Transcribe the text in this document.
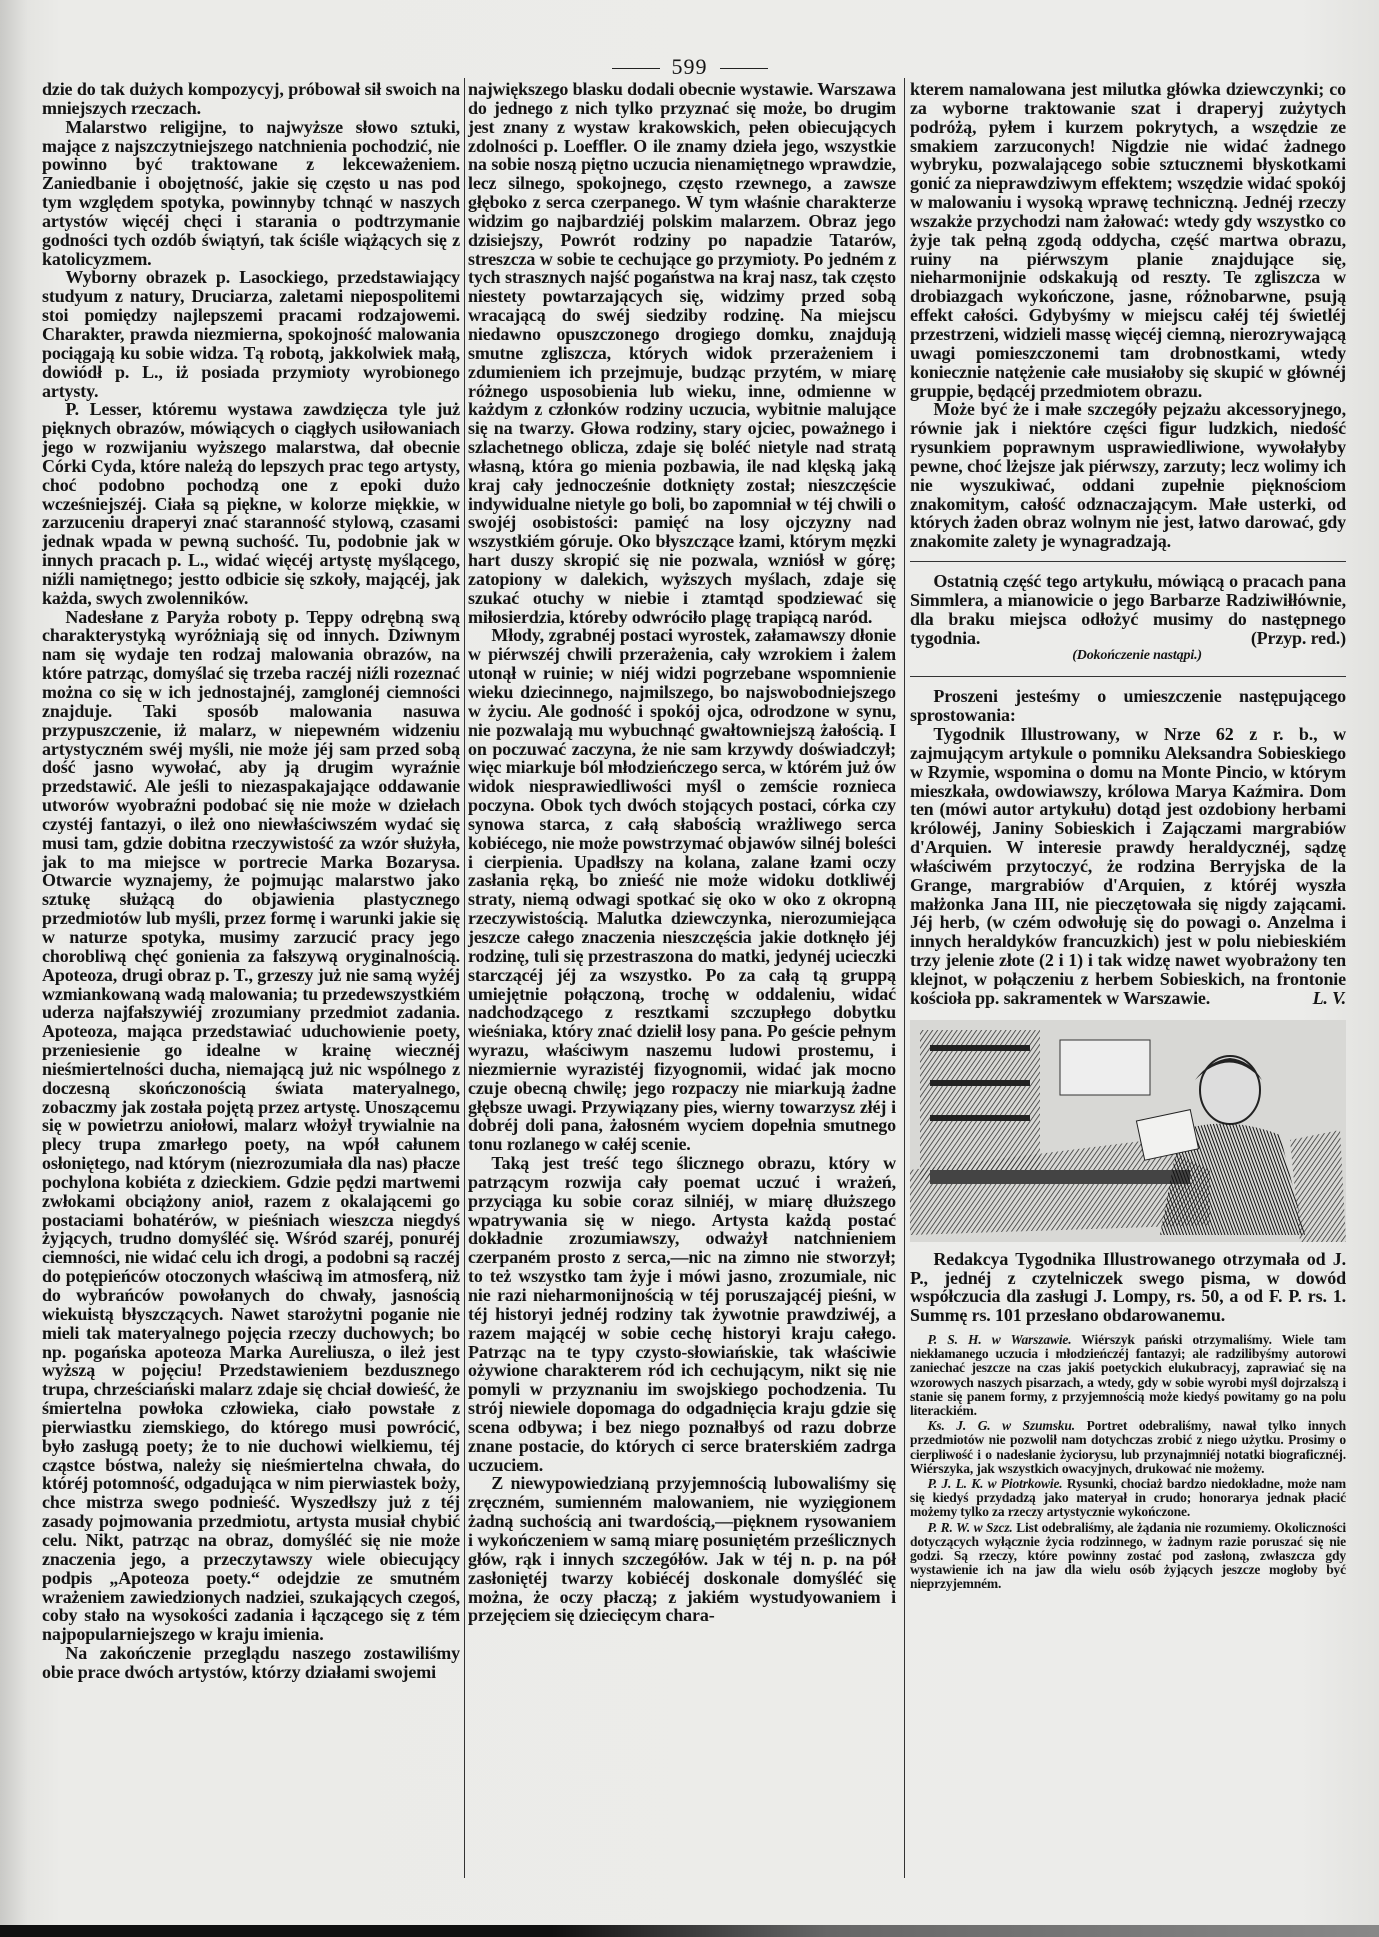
599

dzie do tak dużych kompozycyj, próbował sił swoich na mniejszych rzeczach.

Malarstwo religijne, to najwyższe słowo sztuki, mające z najszczytniejszego natchnienia pochodzić, nie powinno być traktowane z lekceważeniem. Zaniedbanie i obojętność, jakie się często u nas pod tym względem spotyka, powinnyby tchnąć w naszych artystów więcéj chęci i starania o podtrzymanie godności tych ozdób świątyń, tak ściśle wiążących się z katolicyzmem.

Wyborny obrazek p. Lasockiego, przedstawiający studyum z natury, Druciarza, zaletami niepospolitemi stoi pomiędzy najlepszemi pracami rodzajowemi. Charakter, prawda niezmierna, spokojność malowania pociągają ku sobie widza. Tą robotą, jakkolwiek małą, dowiódł p. L., iż posiada przymioty wyrobionego artysty.

P. Lesser, któremu wystawa zawdzięcza tyle już pięknych obrazów, mówiących o ciągłych usiłowaniach jego w rozwijaniu wyższego malarstwa, dał obecnie Córki Cyda, które należą do lepszych prac tego artysty, choć podobno pochodzą one z epoki dużo wcześniejszéj. Ciała są piękne, w kolorze miękkie, w zarzuceniu draperyi znać staranność stylową, czasami jednak wpada w pewną suchość. Tu, podobnie jak w innych pracach p. L., widać więcéj artystę myślącego, niźli namiętnego; jestto odbicie się szkoły, mającéj, jak każda, swych zwolenników.

Nadesłane z Paryża roboty p. Teppy odrębną swą charakterystyką wyróżniają się od innych. Dziwnym nam się wydaje ten rodzaj malowania obrazów, na które patrząc, domyślać się trzeba raczéj niźli rozeznać można co się w ich jednostajnéj, zamglonéj ciemności znajduje. Taki sposób malowania nasuwa przypuszczenie, iż malarz, w niepewném widzeniu artystyczném swéj myśli, nie może jéj sam przed sobą dość jasno wywołać, aby ją drugim wyraźnie przedstawić. Ale jeśli to niezaspakajające oddawanie utworów wyobraźni podobać się nie może w dziełach czystéj fantazyi, o ileż ono niewłaściwszém wydać się musi tam, gdzie dobitna rzeczywistość za wzór służyła, jak to ma miejsce w portrecie Marka Bozarysa. Otwarcie wyznajemy, że pojmując malarstwo jako sztukę służącą do objawienia plastycznego przedmiotów lub myśli, przez formę i warunki jakie się w naturze spotyka, musimy zarzucić pracy jego chorobliwą chęć gonienia za fałszywą oryginalnością. Apoteoza, drugi obraz p. T., grzeszy już nie samą wyżéj wzmiankowaną wadą malowania; tu przedewszystkiém uderza najfałszywiéj zrozumiany przedmiot zadania. Apoteoza, mająca przedstawiać uduchowienie poety, przeniesienie go idealne w krainę wiecznéj nieśmiertelności ducha, niemającą już nic wspólnego z doczesną skończonością świata materyalnego, zobaczmy jak została pojętą przez artystę. Unoszącemu się w powietrzu aniołowi, malarz włożył trywialnie na plecy trupa zmarłego poety, na wpół całunem osłoniętego, nad którym (niezrozumiała dla nas) płacze pochylona kobiéta z dzieckiem. Gdzie pędzi martwemi zwłokami obciążony anioł, razem z okalającemi go postaciami bohatérów, w pieśniach wieszcza niegdyś żyjących, trudno domyśléć się. Wśród szaréj, ponuréj ciemności, nie widać celu ich drogi, a podobni są raczéj do potępieńców otoczonych właściwą im atmosferą, niż do wybrańców powołanych do chwały, jasnością wiekuistą błyszczących. Nawet starożytni poganie nie mieli tak materyalnego pojęcia rzeczy duchowych; bo np. pogańska apoteoza Marka Aureliusza, o ileż jest wyższą w pojęciu! Przedstawieniem bezdusznego trupa, chrześciański malarz zdaje się chciał dowieść, że śmiertelna powłoka człowieka, ciało powstałe z pierwiastku ziemskiego, do którego musi powrócić, było zasługą poety; że to nie duchowi wielkiemu, téj cząstce bóstwa, należy się nieśmiertelna chwała, do któréj potomność, odgadująca w nim pierwiastek boży, chce mistrza swego podnieść. Wyszedłszy już z téj zasady pojmowania przedmiotu, artysta musiał chybić celu. Nikt, patrząc na obraz, domyśléć się nie może znaczenia jego, a przeczytawszy wiele obiecujący podpis „Apoteoza poety.“ odejdzie ze smutném wrażeniem zawiedzionych nadziei, szukających czegoś, coby stało na wysokości zadania i łączącego się z tém najpopularniejszego w kraju imienia.

Na zakończenie przeglądu naszego zostawiliśmy obie prace dwóch artystów, którzy działami swojemi

największego blasku dodali obecnie wystawie. Warszawa do jednego z nich tylko przyznać się może, bo drugim jest znany z wystaw krakowskich, pełen obiecujących zdolności p. Loeffler. O ile znamy dzieła jego, wszystkie na sobie noszą piętno uczucia nienamiętnego wprawdzie, lecz silnego, spokojnego, często rzewnego, a zawsze głęboko z serca czerpanego. W tym właśnie charakterze widzim go najbardziéj polskim malarzem. Obraz jego dzisiejszy, Powrót rodziny po napadzie Tatarów, streszcza w sobie te cechujące go przymioty. Po jedném z tych strasznych najść pogaństwa na kraj nasz, tak często niestety powtarzających się, widzimy przed sobą wracającą do swéj siedziby rodzinę. Na miejscu niedawno opuszczonego drogiego domku, znajdują smutne zgliszcza, których widok przerażeniem i zdumieniem ich przejmuje, budząc przytém, w miarę różnego usposobienia lub wieku, inne, odmienne w każdym z członków rodziny uczucia, wybitnie malujące się na twarzy. Głowa rodziny, stary ojciec, poważnego i szlachetnego oblicza, zdaje się boléć nietyle nad stratą własną, która go mienia pozbawia, ile nad klęską jaką kraj cały jednocześnie dotknięty został; nieszczęście indywidualne nietyle go boli, bo zapomniał w téj chwili o swojéj osobistości: pamięć na losy ojczyzny nad wszystkiém góruje. Oko błyszczące łzami, którym męzki hart duszy skropić się nie pozwala, wzniósł w górę; zatopiony w dalekich, wyższych myślach, zdaje się szukać otuchy w niebie i ztamtąd spodziewać się miłosierdzia, któreby odwróciło plagę trapiącą naród.

Młody, zgrabnéj postaci wyrostek, załamawszy dłonie w piérwszéj chwili przerażenia, cały wzrokiem i żalem utonął w ruinie; w niéj widzi pogrzebane wspomnienie wieku dziecinnego, najmilszego, bo najswobodniejszego w życiu. Ale godność i spokój ojca, odrodzone w synu, nie pozwalają mu wybuchnąć gwałtowniejszą żałością. I on poczuwać zaczyna, że nie sam krzywdy doświadczył; więc miarkuje ból młodzieńczego serca, w którém już ów widok niesprawiedliwości myśl o zemście roznieca poczyna. Obok tych dwóch stojących postaci, córka czy synowa starca, z całą słabością wrażliwego serca kobiécego, nie może powstrzymać objawów silnéj boleści i cierpienia. Upadłszy na kolana, zalane łzami oczy zasłania ręką, bo znieść nie może widoku dotkliwéj straty, niemą odwagi spotkać się oko w oko z okropną rzeczywistością. Malutka dziewczynka, nierozumiejąca jeszcze całego znaczenia nieszczęścia jakie dotknęło jéj rodzinę, tuli się przestraszona do matki, jedynéj ucieczki starczącéj jéj za wszystko. Po za całą tą gruppą umiejętnie połączoną, trochę w oddaleniu, widać nadchodzącego z resztkami szczupłego dobytku wieśniaka, który znać dzielił losy pana. Po geście pełnym wyrazu, właściwym naszemu ludowi prostemu, i niezmiernie wyrazistéj fizyognomii, widać jak mocno czuje obecną chwilę; jego rozpaczy nie miarkują żadne głębsze uwagi. Przywiązany pies, wierny towarzysz złéj i dobréj doli pana, żałosném wyciem dopełnia smutnego tonu rozlanego w całéj scenie.

Taką jest treść tego ślicznego obrazu, który w patrzącym rozwija cały poemat uczuć i wrażeń, przyciąga ku sobie coraz silniéj, w miarę dłuższego wpatrywania się w niego. Artysta każdą postać dokładnie zrozumiawszy, odważył natchnieniem czerpaném prosto z serca,—nic na zimno nie stworzył; to też wszystko tam żyje i mówi jasno, zrozumiale, nic nie razi nieharmonijnością w téj poruszającéj pieśni, w téj historyi jednéj rodziny tak żywotnie prawdziwéj, a razem mającéj w sobie cechę historyi kraju całego. Patrząc na te typy czysto-słowiańskie, tak właściwie ożywione charakterem ród ich cechującym, nikt się nie pomyli w przyznaniu im swojskiego pochodzenia. Tu strój niewiele dopomaga do odgadnięcia kraju gdzie się scena odbywa; i bez niego poznałbyś od razu dobrze znane postacie, do których ci serce braterskiém zadrga uczuciem.

Z niewypowiedzianą przyjemnością lubowaliśmy się zręczném, sumienném malowaniem, nie wyzięgionem żadną suchością ani twardością,—pięknem rysowaniem i wykończeniem w samą miarę posuniętém prześlicznych głów, rąk i innych szczegółów. Jak w téj n. p. na pół zasłoniętéj twarzy kobiécéj doskonale domyśléć się można, że oczy płaczą; z jakiém wystudyowaniem i przejęciem się dziecięcym chara-

kterem namalowana jest milutka główka dziewczynki; co za wyborne traktowanie szat i draperyj zużytych podróżą, pyłem i kurzem pokrytych, a wszędzie ze smakiem zarzuconych! Nigdzie nie widać żadnego wybryku, pozwalającego sobie sztucznemi błyskotkami gonić za nieprawdziwym effektem; wszędzie widać spokój w malowaniu i wysoką wprawę techniczną. Jednéj rzeczy wszakże przychodzi nam żałować: wtedy gdy wszystko co żyje tak pełną zgodą oddycha, część martwa obrazu, ruiny na piérwszym planie znajdujące się, nieharmonijnie odskakują od reszty. Te zgliszcza w drobiazgach wykończone, jasne, różnobarwne, psują effekt całości. Gdybyśmy w miejscu całéj téj świetléj przestrzeni, widzieli massę więcéj ciemną, nierozrywającą uwagi pomieszczonemi tam drobnostkami, wtedy koniecznie natężenie całe musiałoby się skupić w głównéj gruppie, będącéj przedmiotem obrazu.

Może być że i małe szczegóły pejzażu akcessoryjnego, równie jak i niektóre części figur ludzkich, niedość rysunkiem poprawnym usprawiedliwione, wywołałyby pewne, choć lżejsze jak piérwszy, zarzuty; lecz wolimy ich nie wyszukiwać, oddani zupełnie pięknościom znakomitym, całość odznaczającym. Małe usterki, od których żaden obraz wolnym nie jest, łatwo darować, gdy znakomite zalety je wynagradzają.

Ostatnią część tego artykułu, mówiącą o pracach pana Simmlera, a mianowicie o jego Barbarze Radziwiłłównie, dla braku miejsca odłożyć musimy do następnego tygodnia.	(Przyp. red.)

(Dokończenie nastąpi.)

Proszeni jesteśmy o umieszczenie następującego sprostowania:

Tygodnik Illustrowany, w Nrze 62 z r. b., w zajmującym artykule o pomniku Aleksandra Sobieskiego w Rzymie, wspomina o domu na Monte Pincio, w którym mieszkała, owdowiawszy, królowa Marya Kaźmira. Dom ten (mówi autor artykułu) dotąd jest ozdobiony herbami królowéj, Janiny Sobieskich i Zajączami margrabiów d'Arquien. W interesie prawdy heraldycznéj, sądzę właściwém przytoczyć, że rodzina Berryjska de la Grange, margrabiów d'Arquien, z któréj wyszła małżonka Jana III, nie pieczętowała się nigdy zającami. Jéj herb, (w czém odwołuję się do powagi o. Anzelma i innych heraldyków francuzkich) jest w polu niebieskiém trzy jelenie złote (2 i 1) i tak widzę nawet wyobrażony ten klejnot, w połączeniu z herbem Sobieskich, na frontonie kościoła pp. sakramentek w Warszawie.	L. V.

Redakcya Tygodnika Illustrowanego otrzymała od J. P., jednéj z czytelniczek swego pisma, w dowód współczucia dla zasługi J. Lompy, rs. 50, a od F. P. rs. 1. Summę rs. 101 przesłano obdarowanemu.

P. S. H. w Warszawie. Wiérszyk pański otrzymaliśmy. Wiele tam niekłamanego uczucia i młodzieńczéj fantazyi; ale radzilibyśmy autorowi zaniechać jeszcze na czas jakiś poetyckich elukubracyj, zaprawiać się na wzorowych naszych pisarzach, a wtedy, gdy w sobie wyrobi myśl dojrzalszą i stanie się panem formy, z przyjemnością może kiedyś powitamy go na polu literackiém.

Ks. J. G. w Szumsku. Portret odebraliśmy, nawał tylko innych przedmiotów nie pozwolił nam dotychczas zrobić z niego użytku. Prosimy o cierpliwość i o nadesłanie życiorysu, lub przynajmniéj notatki biograficznéj. Wiérszyka, jak wszystkich owacyjnych, drukować nie możemy.

P. J. L. K. w Piotrkowie. Rysunki, chociaż bardzo niedokładne, może nam się kiedyś przydadzą jako materyał in crudo; honorarya jednak płacić możemy tylko za rzeczy artystycznie wykończone.

P. R. W. w Szcz. List odebraliśmy, ale żądania nie rozumiemy. Okoliczności dotyczących wyłącznie życia rodzinnego, w żadnym razie poruszać się nie godzi. Są rzeczy, które powinny zostać pod zasłoną, zwłaszcza gdy wystawienie ich na jaw dla wielu osób żyjących jeszcze mogłoby być nieprzyjemném.
